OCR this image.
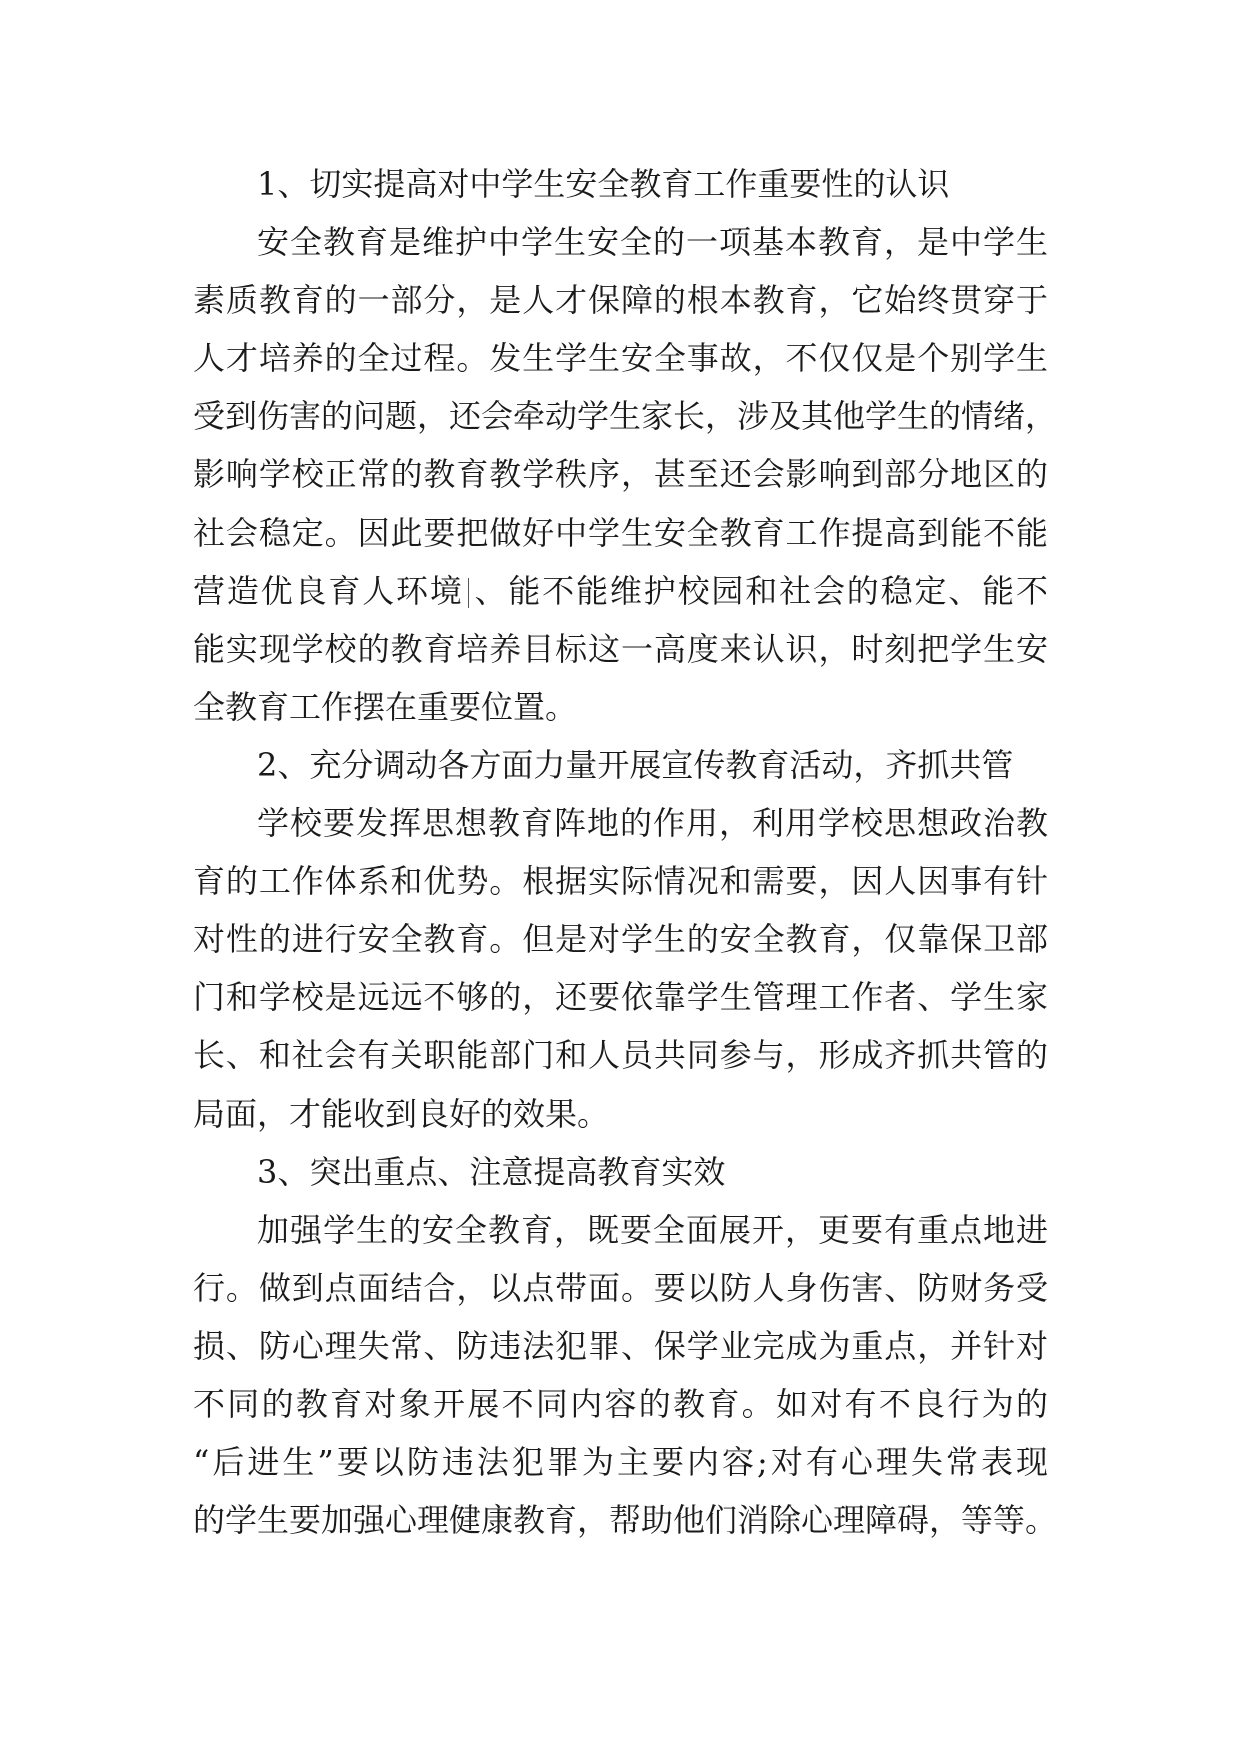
1、切实提高对中学生安全教育工作重要性的认识
安全教育是维护中学生安全的一项基本教育，是中学生
素质教育的一部分，是人才保障的根本教育，它始终贯穿于
人才培养的全过程。发生学生安全事故，不仅仅是个别学生
受到伤害的问题，还会牵动学生家长，涉及其他学生的情绪，
影响学校正常的教育教学秩序，甚至还会影响到部分地区的
社会稳定。因此要把做好中学生安全教育工作提高到能不能
营造优良育人环境 、能不能维护校园和社会的稳定、能不
能实现学校的教育培养目标这一高度来认识，时刻把学生安
全教育工作摆在重要位置。
2、充分调动各方面力量开展宣传教育活动，齐抓共管
学校要发挥思想教育阵地的作用，利用学校思想政治教
育的工作体系和优势。根据实际情况和需要，因人因事有针
对性的进行安全教育。但是对学生的安全教育，仅靠保卫部
门和学校是远远不够的，还要依靠学生管理工作者、学生家
长、和社会有关职能部门和人员共同参与，形成齐抓共管的
局面，才能收到良好的效果。
3、突出重点、注意提高教育实效
加强学生的安全教育，既要全面展开，更要有重点地进
行。做到点面结合，以点带面。要以防人身伤害、防财务受
损、防心理失常、防违法犯罪、保学业完成为重点，并针对
不同的教育对象开展不同内容的教育。如对有不良行为的
“后进生”要以防违法犯罪为主要内容;对有心理失常表现
的学生要加强心理健康教育，帮助他们消除心理障碍，等等。
